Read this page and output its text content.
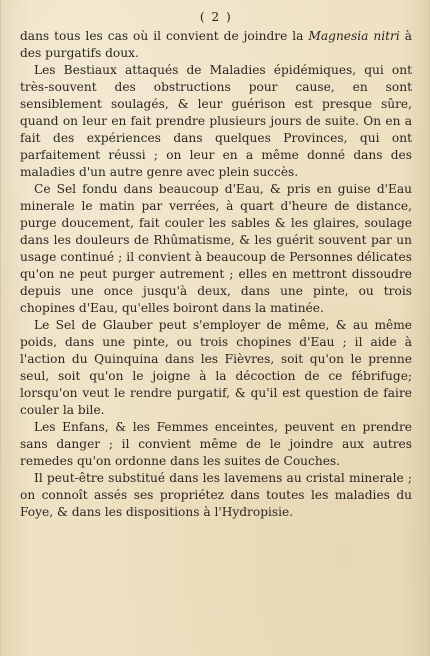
( 2 )

dans tous les cas où il convient de joindre la Magnesia nitri à des purgatifs doux.

Les Bestiaux attaqués de Maladies épidémiques, qui ont très-souvent des obstructions pour cause, en sont sensiblement soulagés, & leur guérison est presque sûre, quand on leur en fait prendre plusieurs jours de suite. On en a fait des expériences dans quelques Provinces, qui ont parfaitement réussi ; on leur en a même donné dans des maladies d'un autre genre avec plein succès.

Ce Sel fondu dans beaucoup d'Eau, & pris en guise d'Eau minerale le matin par verrées, à quart d'heure de distance, purge doucement, fait couler les sables & les glaires, soulage dans les douleurs de Rhûmatisme, & les guérit souvent par un usage continué ; il convient à beaucoup de Personnes délicates qu'on ne peut purger autrement ; elles en mettront dissoudre depuis une once jusqu'à deux, dans une pinte, ou trois chopines d'Eau, qu'elles boiront dans la matinée.

Le Sel de Glauber peut s'employer de même, & au même poids, dans une pinte, ou trois chopines d'Eau ; il aide à l'action du Quinquina dans les Fièvres, soit qu'on le prenne seul, soit qu'on le joigne à la décoction de ce fébrifuge; lorsqu'on veut le rendre purgatif, & qu'il est question de faire couler la bile.

Les Enfans, & les Femmes enceintes, peuvent en prendre sans danger ; il convient même de le joindre aux autres remedes qu'on ordonne dans les suites de Couches.

Il peut-être substitué dans les lavemens au cristal minerale ; on connoît assés ses propriétez dans toutes les maladies du Foye, & dans les dispositions à l'Hydropisie.
